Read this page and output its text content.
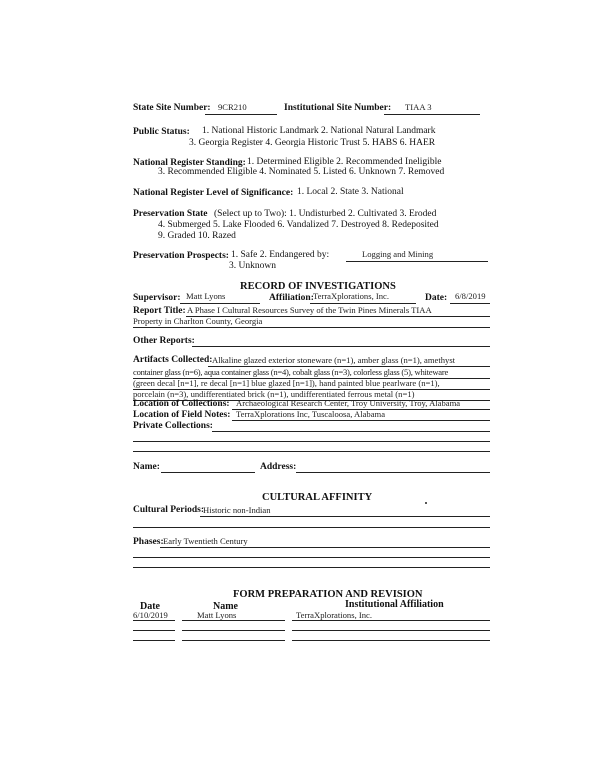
State Site Number: 9CR210	Institutional Site Number: TIAA 3
Public Status: 1. National Historic Landmark 2. National Natural Landmark
3. Georgia Register 4. Georgia Historic Trust 5. HABS 6. HAER
National Register Standing: 1. Determined Eligible 2. Recommended Ineligible
3. Recommended Eligible 4. Nominated 5. Listed 6. Unknown 7. Removed
National Register Level of Significance: 1. Local 2. State 3. National
Preservation State (Select up to Two): 1. Undisturbed 2. Cultivated 3. Eroded
4. Submerged 5. Lake Flooded 6. Vandalized 7. Destroyed 8. Redeposited
9. Graded 10. Razed
Preservation Prospects: 1. Safe 2. Endangered by:	Logging and Mining
3. Unknown
RECORD OF INVESTIGATIONS
Supervisor: Matt Lyons	Affiliation: TerraXplorations, Inc.	Date: 6/8/2019
Report Title: A Phase I Cultural Resources Survey of the Twin Pines Minerals TIAA
Property in Charlton County, Georgia
Other Reports:
Artifacts Collected: Alkaline glazed exterior stoneware (n=1), amber glass (n=1), amethyst
container glass (n=6), aqua container glass (n=4), cobalt glass (n=3), colorless glass (5), whiteware
(green decal [n=1], re decal [n=1] blue glazed [n=1]), hand painted blue pearlware (n=1),
porcelain (n=3), undifferentiated brick (n=1), undifferentiated ferrous metal (n=1)
Location of Collections: Archaeological Research Center, Troy University, Troy, Alabama
Location of Field Notes: TerraXplorations Inc, Tuscaloosa, Alabama
Private Collections:
Name:	Address:
CULTURAL AFFINITY
Cultural Periods: Historic non-Indian
Phases: Early Twentieth Century
FORM PREPARATION AND REVISION
Date	Name	Institutional Affiliation
6/10/2019	Matt Lyons	TerraXplorations, Inc.
